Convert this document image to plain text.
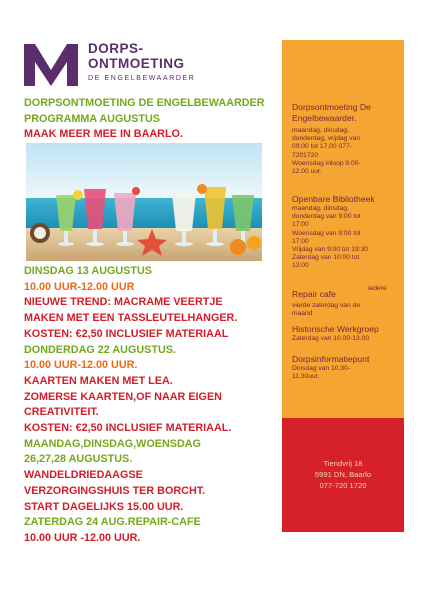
DORPS-
ONTMOETING
DE ENGELBEWAARDER
DORPSONTMOETING DE ENGELBEWAARDER
PROGRAMMA AUGUSTUS
MAAK MEER MEE IN BAARLO.
DINSDAG 13 AUGUSTUS
10.00 UUR-12.00 UUR
NIEUWE TREND: MACRAME VEERTJE
MAKEN MET EEN TASSLEUTELHANGER.
KOSTEN: €2,50 INCLUSIEF MATERIAAL
DONDERDAG 22 AUGUSTUS.
10.00 UUR-12.00 UUR.
KAARTEN MAKEN MET LEA.
ZOMERSE KAARTEN,OF NAAR EIGEN
CREATIVITEIT.
KOSTEN: €2,50 INCLUSIEF MATERIAAL.
MAANDAG,DINSDAG,WOENSDAG
26,27,28 AUGUSTUS.
WANDELDRIEDAAGSE
VERZORGINGSHUIS TER BORCHT.
START DAGELIJKS 15.00 UUR.
ZATERDAG 24 AUG.REPAIR-CAFE
10.00 UUR -12.00 UUR.
Dorpsontmoeting De Engelbewaarder.
maandag, dinsdag,
donderdag, vrijdag van
09:00 tot 17.00 077-
7201720
Woensdag inloop 9.00-
12.00 uur.
Openbare Bibliotheek
maandag, dinsdag,
donderdag van 9:00 tot
17:00
Woensdag van 9:00 tot
17:00
Vrijdag van 9:00 tot 19:30
Zaterdag van 10:00 tot
13:00
Repair cafe
iedere
vierde zaterdag van de
maand
Historische Werkgroep
Zaterdag van 10.00-13.00
Dorpsinformatiepunt
Dinsdag van 10.30-
11.30uur.
Tiendvrij 18
5991 DN, Baarlo
077-720 1720
